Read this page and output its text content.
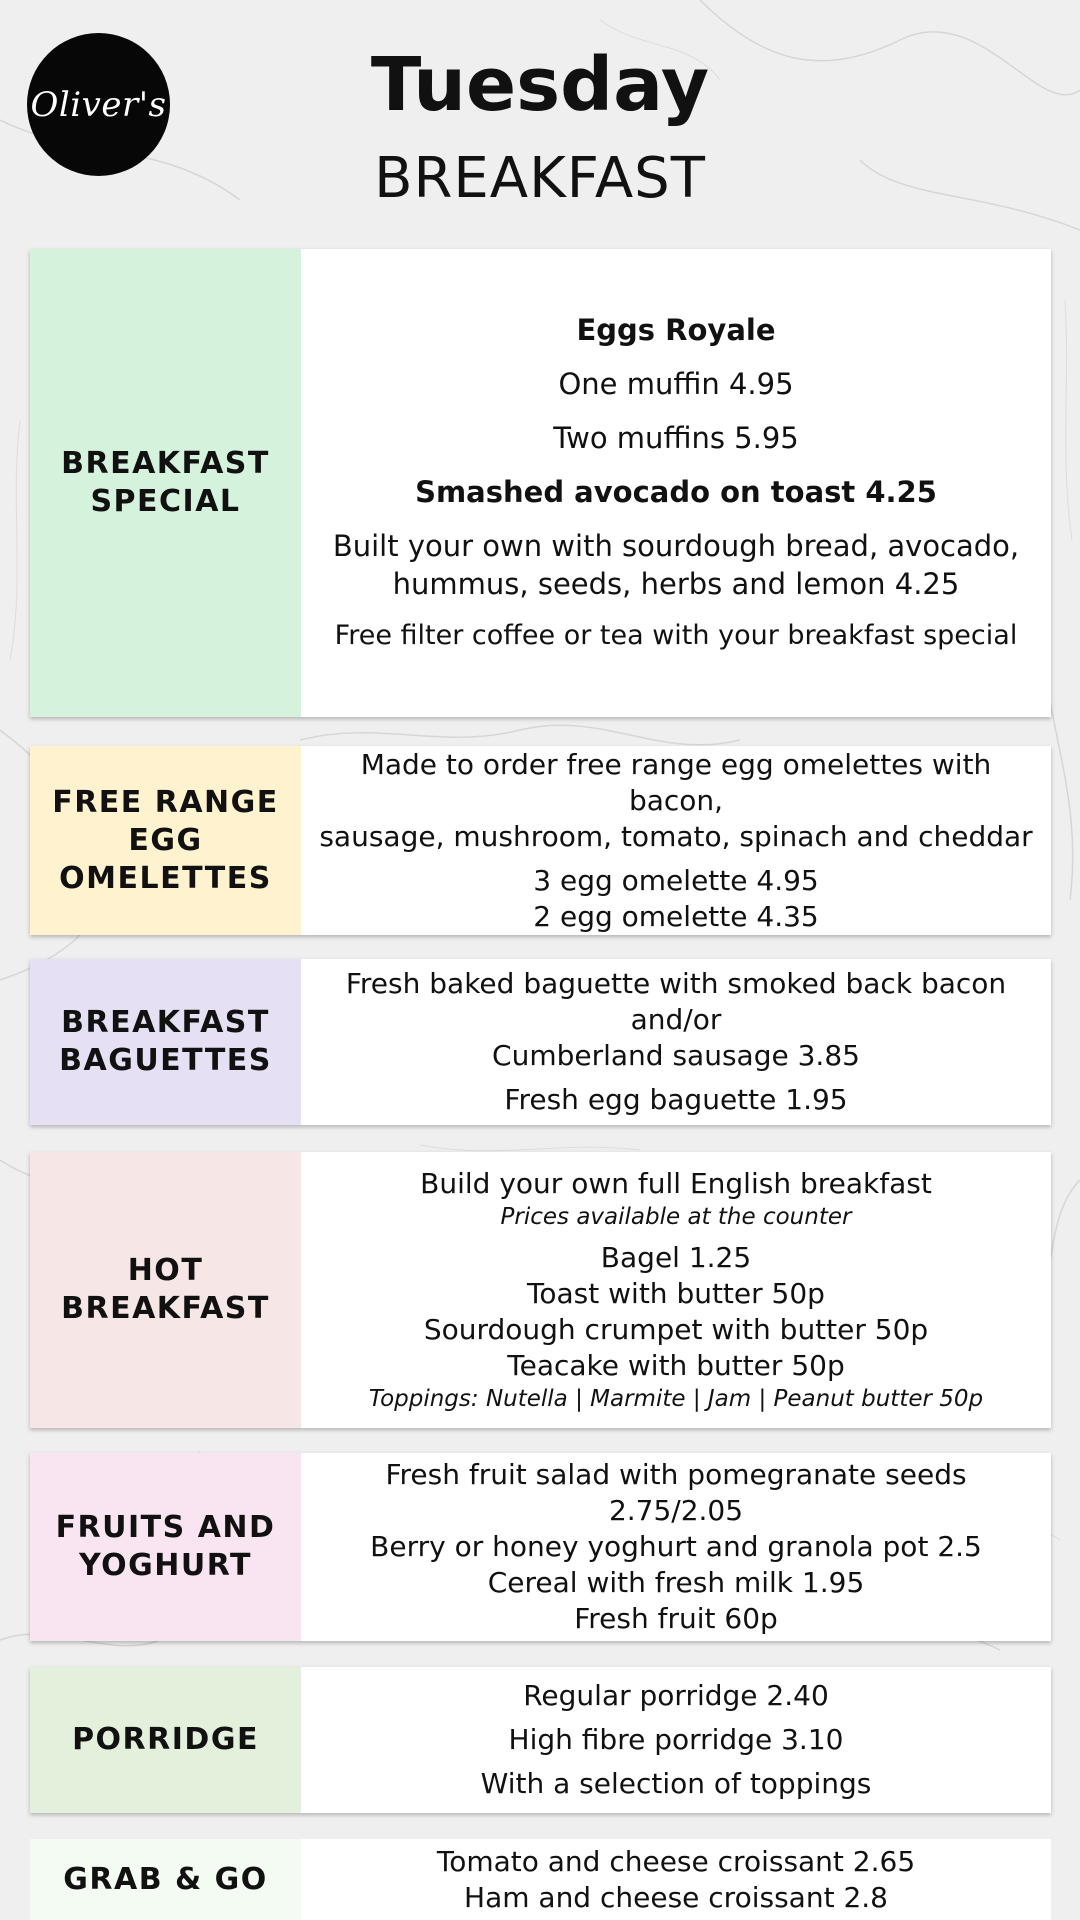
Oliver's	Tuesday
BREAKFAST
BREAKFAST
SPECIAL
Eggs Royale
One muffin 4.95
Two muffins 5.95
Smashed avocado on toast 4.25
Built your own with sourdough bread, avocado,
hummus, seeds, herbs and lemon 4.25
Free filter coffee or tea with your breakfast special
FREE RANGE
EGG
OMELETTES
Made to order free range egg omelettes with bacon,
sausage, mushroom, tomato, spinach and cheddar
3 egg omelette 4.95
2 egg omelette 4.35
BREAKFAST
BAGUETTES
Fresh baked baguette with smoked back bacon and/or
Cumberland sausage 3.85
Fresh egg baguette 1.95
HOT
BREAKFAST
Build your own full English breakfast
Prices available at the counter
Bagel 1.25
Toast with butter 50p
Sourdough crumpet with butter 50p
Teacake with butter 50p
Toppings: Nutella | Marmite | Jam | Peanut butter 50p
FRUITS AND
YOGHURT
Fresh fruit salad with pomegranate seeds 2.75/2.05
Berry or honey yoghurt and granola pot 2.5
Cereal with fresh milk 1.95
Fresh fruit 60p
PORRIDGE
Regular porridge 2.40
High fibre porridge 3.10
With a selection of toppings
GRAB & GO
Tomato and cheese croissant 2.65
Ham and cheese croissant 2.8
